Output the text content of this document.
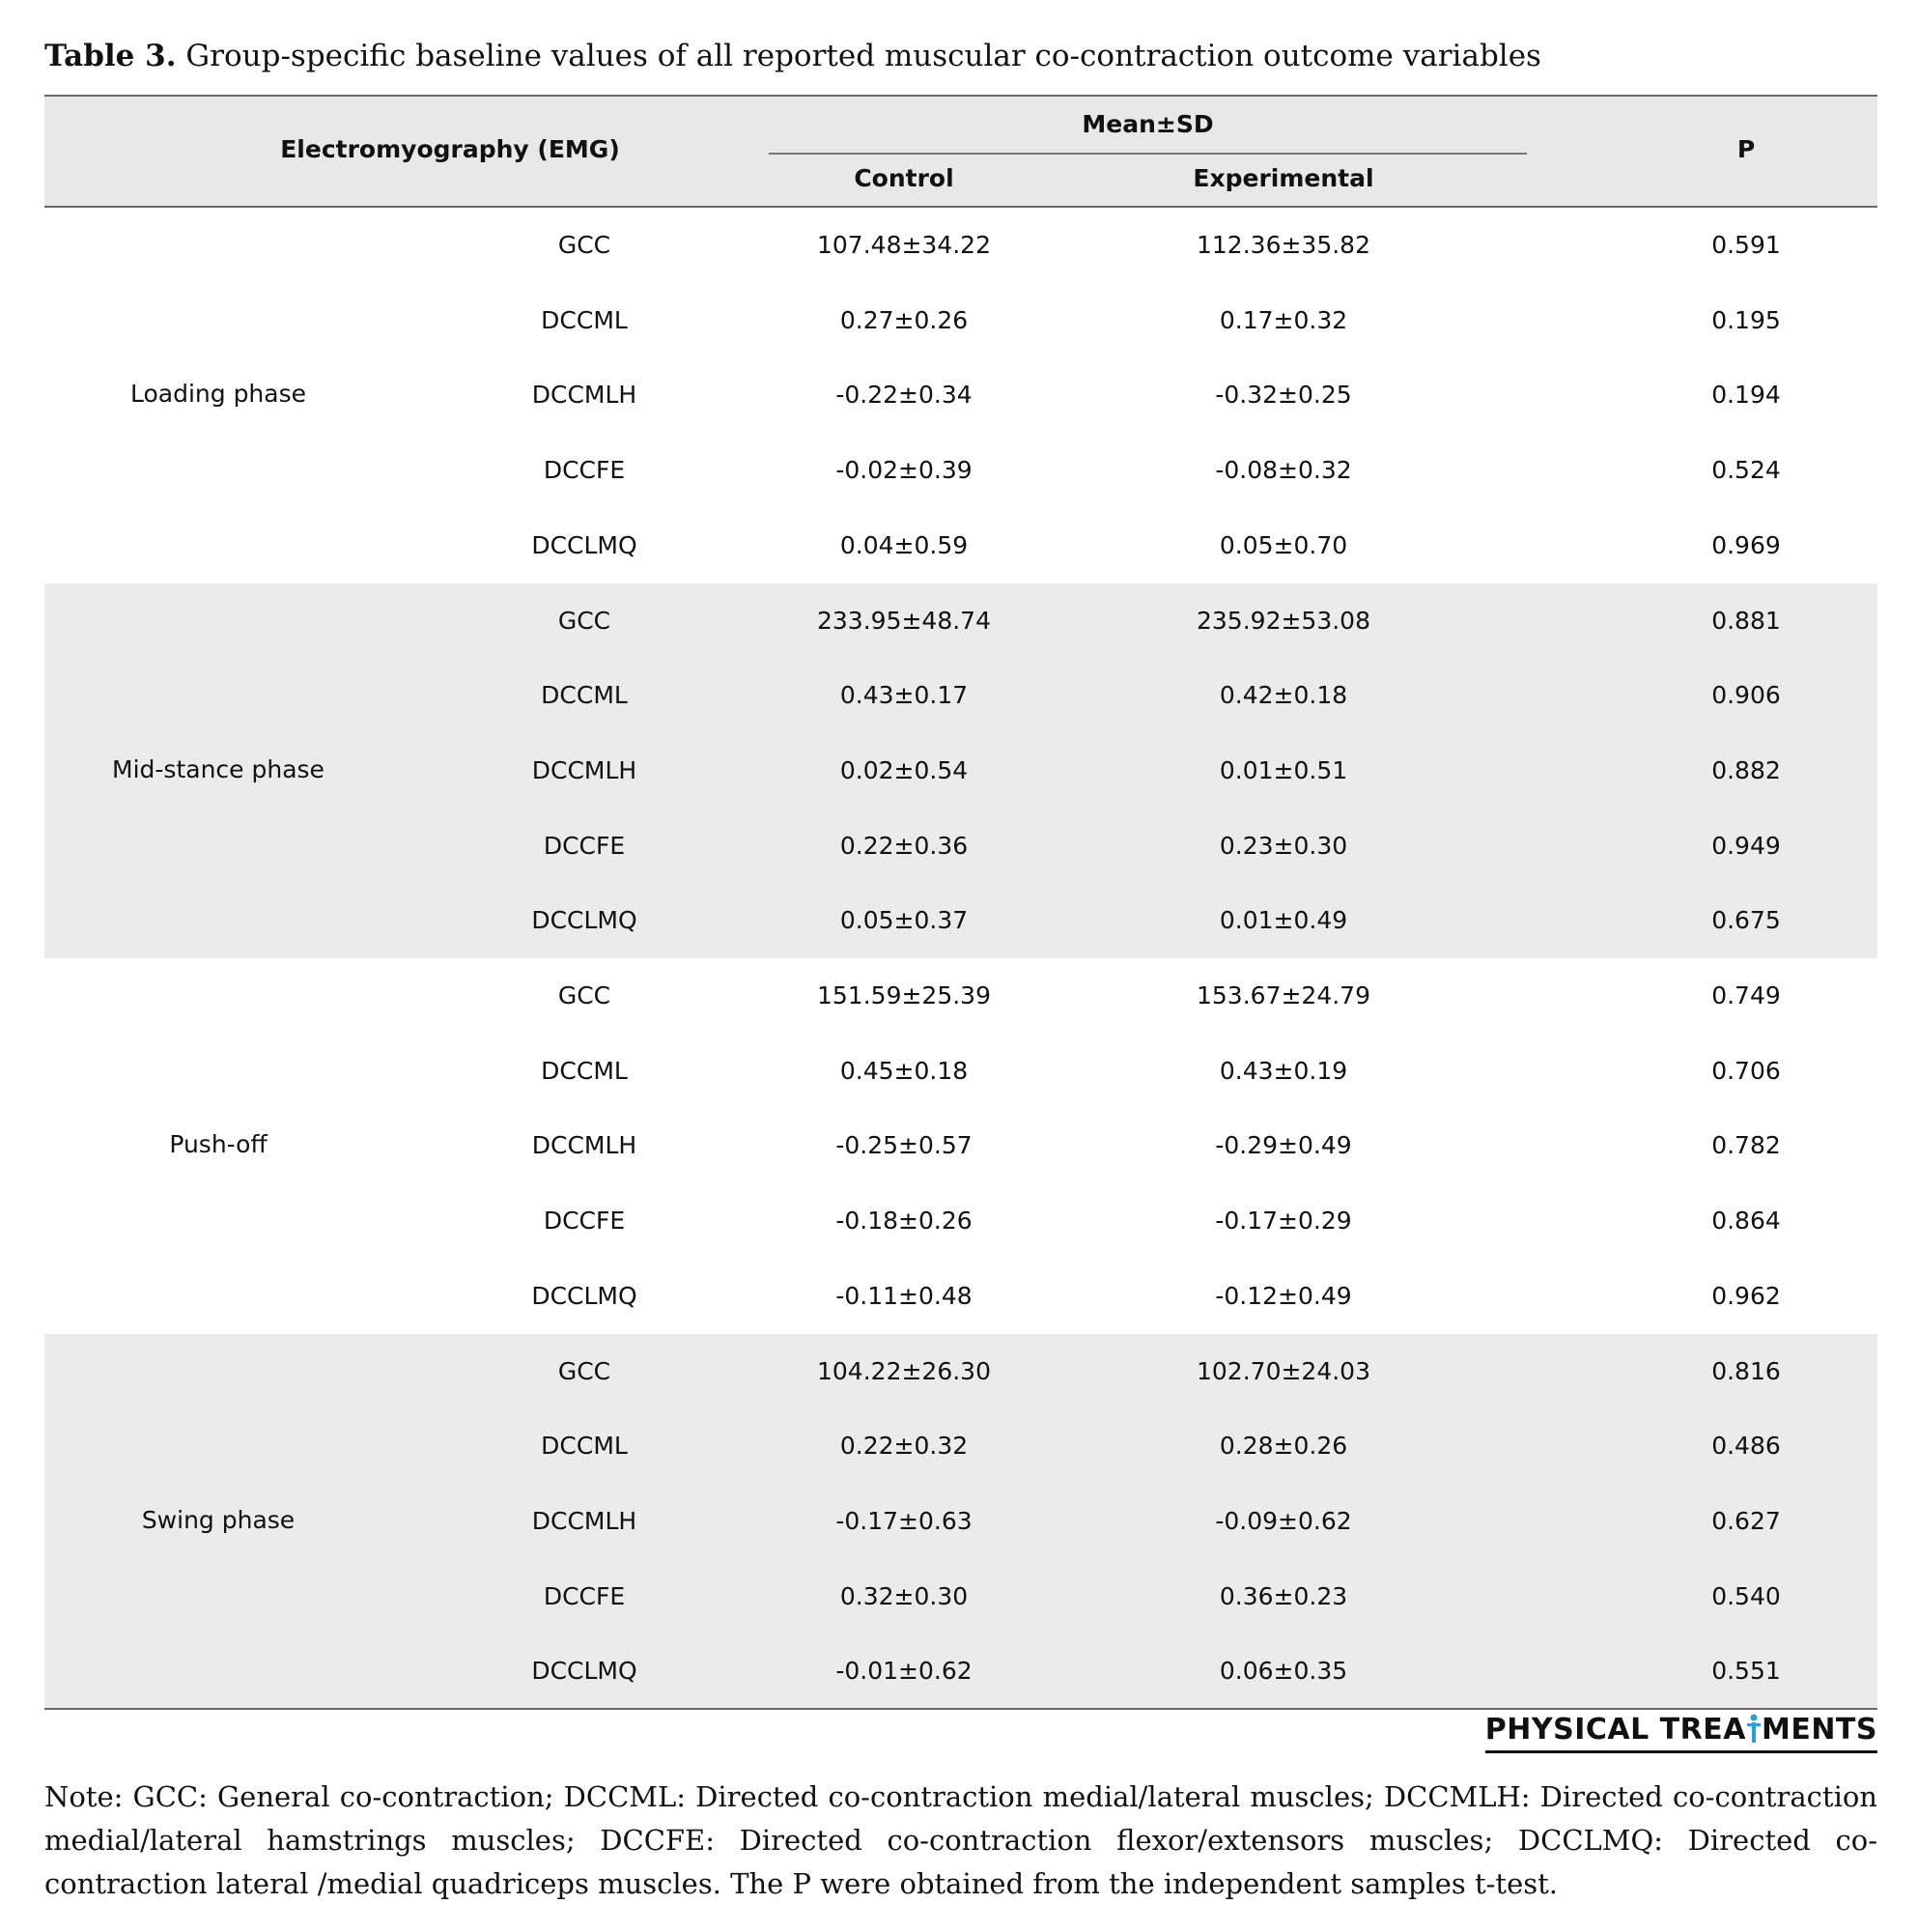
Table 3. Group-specific baseline values of all reported muscular co-contraction outcome variables
Electromyography (EMG)
Mean±SD
Control	Experimental
P
Loading phase
GCC	107.48±34.22	112.36±35.82	0.591
DCCML	0.27±0.26	0.17±0.32	0.195
DCCMLH	-0.22±0.34	-0.32±0.25	0.194
DCCFE	-0.02±0.39	-0.08±0.32	0.524
DCCLMQ	0.04±0.59	0.05±0.70	0.969
Mid-stance phase
GCC	233.95±48.74	235.92±53.08	0.881
DCCML	0.43±0.17	0.42±0.18	0.906
DCCMLH	0.02±0.54	0.01±0.51	0.882
DCCFE	0.22±0.36	0.23±0.30	0.949
DCCLMQ	0.05±0.37	0.01±0.49	0.675
Push-off
GCC	151.59±25.39	153.67±24.79	0.749
DCCML	0.45±0.18	0.43±0.19	0.706
DCCMLH	-0.25±0.57	-0.29±0.49	0.782
DCCFE	-0.18±0.26	-0.17±0.29	0.864
DCCLMQ	-0.11±0.48	-0.12±0.49	0.962
Swing phase
GCC	104.22±26.30	102.70±24.03	0.816
DCCML	0.22±0.32	0.28±0.26	0.486
DCCMLH	-0.17±0.63	-0.09±0.62	0.627
DCCFE	0.32±0.30	0.36±0.23	0.540
DCCLMQ	-0.01±0.62	0.06±0.35	0.551
PHYSICAL TREA MENTS
Note: GCC: General co-contraction; DCCML: Directed co-contraction medial/lateral muscles; DCCMLH: Directed co-contraction medial/lateral hamstrings muscles; DCCFE: Directed co-contraction flexor/extensors muscles; DCCLMQ: Directed co-contraction lateral /medial quadriceps muscles. The P were obtained from the independent samples t-test.
